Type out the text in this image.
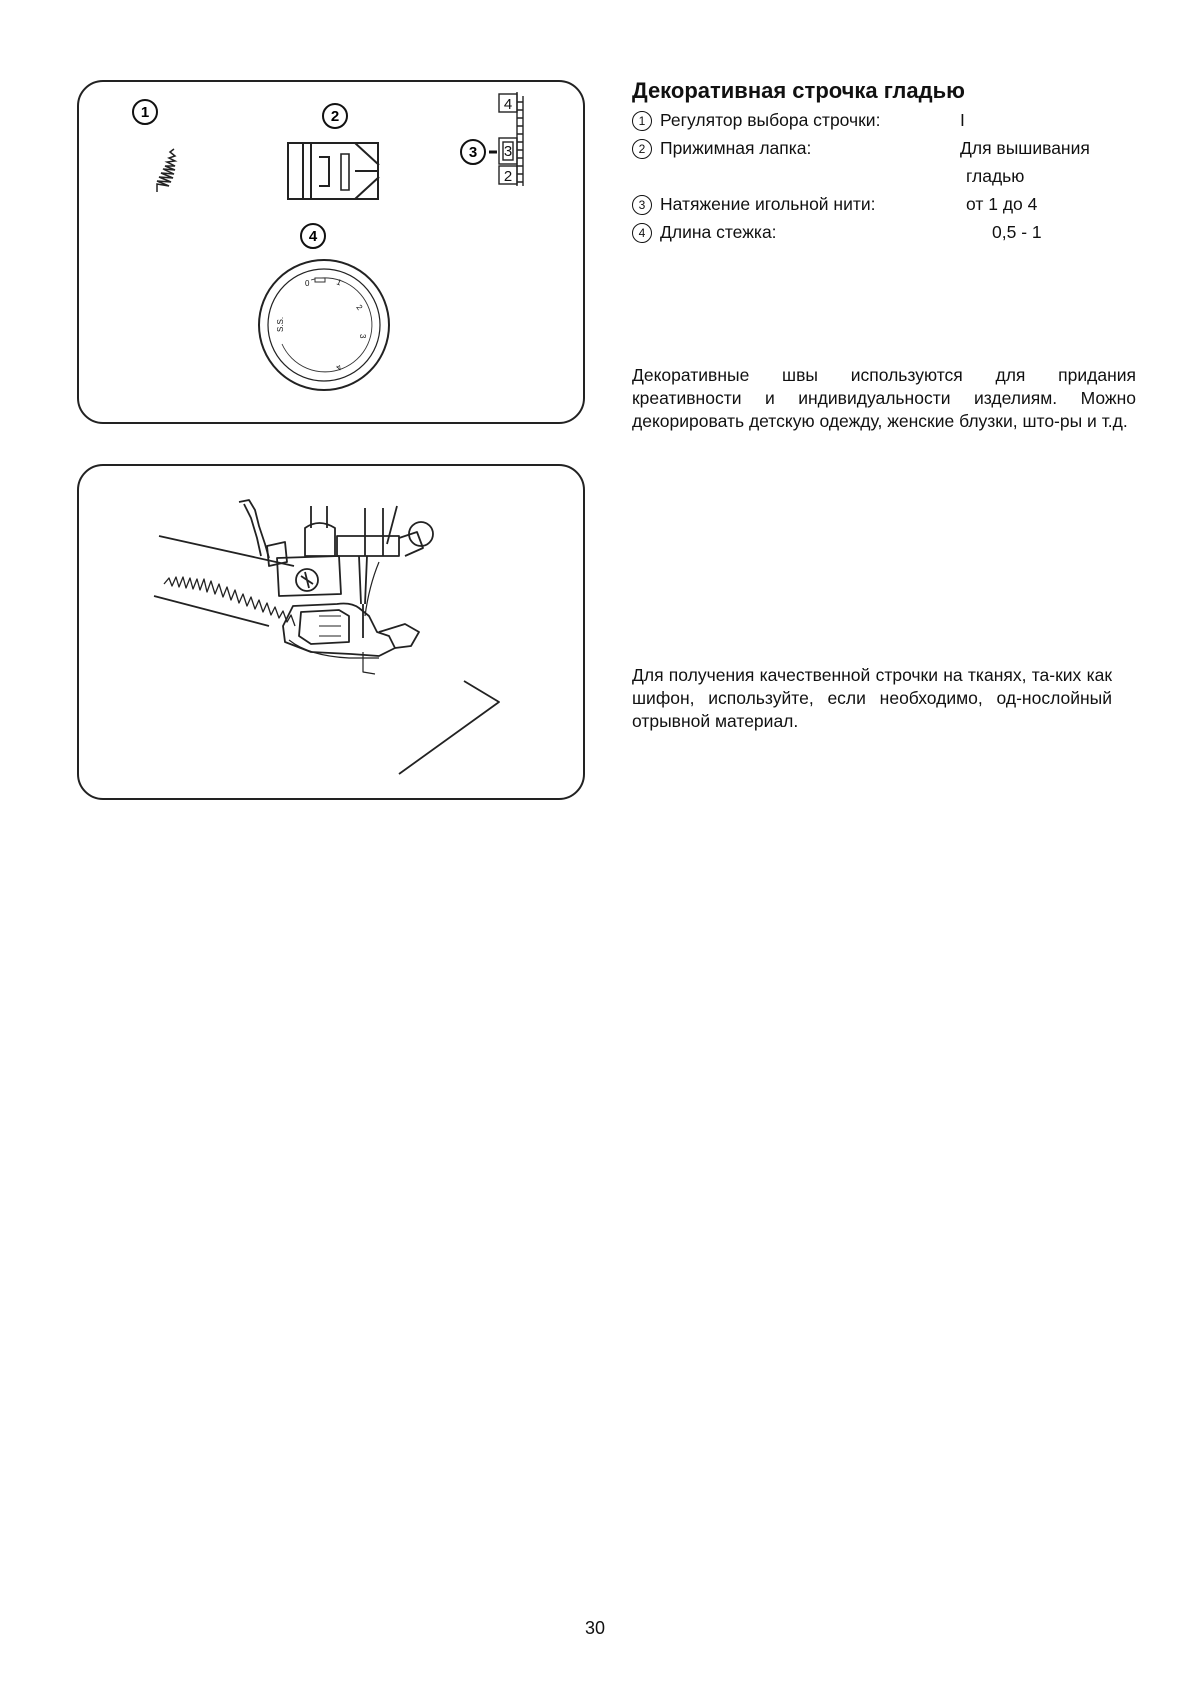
1	2
3
4
3
2
4
0	1
2
3
4
S.S.
Декоративная строчка гладью
1 Регулятор выбора строчки:	I
2 Прижимная лапка:	Для вышивания
гладью
3 Натяжение игольной нити:	от 1 до 4
4 Длина стежка:	0,5 - 1

Декоративные швы используются для придания креативности и индивидуальности изделиям. Можно декорировать детскую одежду, женские блузки, што-ры и т.д.

Для получения качественной строчки на тканях, та-ких как шифон, используйте, если необходимо, од-нослойный отрывной материал.

30
